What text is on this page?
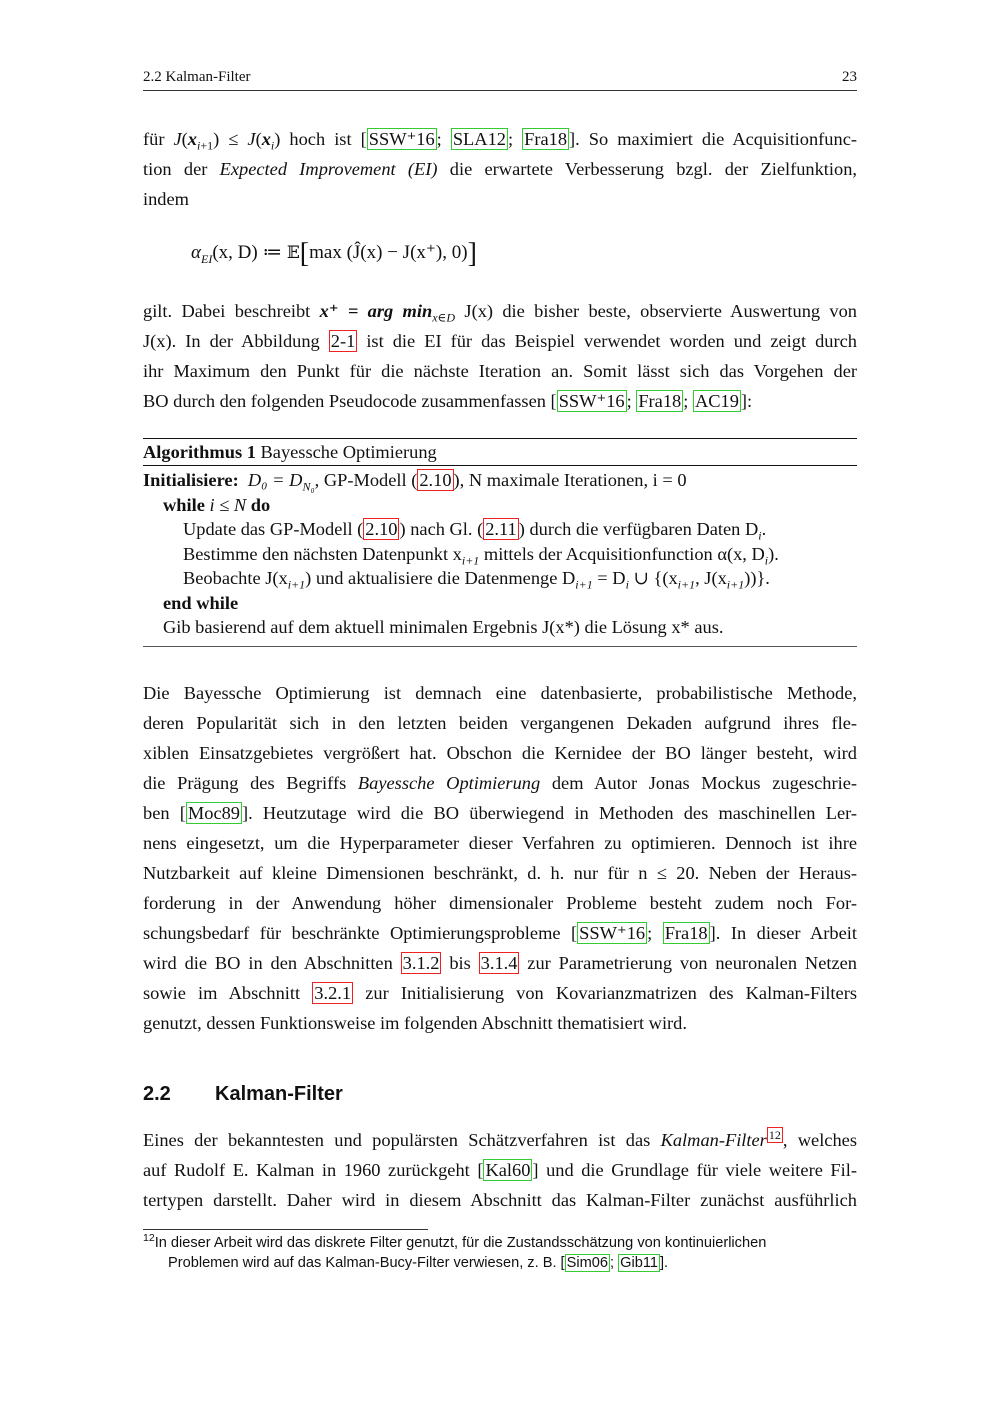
2.2 Kalman-Filter	23
für $J(x_{i+1}) \le J(x_i)$ hoch ist [ SSW⁺16 ; SLA12 ; Fra18 ]. So maximiert die Acquisitionfunc-
tion der Expected Improvement (EI) die erwartete Verbesserung bzgl. der Zielfunktion,
indem
$\alpha_{EI}(x$, D) ≔ 𝔼[max (Ĵ(x) − J(x⁺), 0)]
gilt. Dabei beschreibt x⁺ = arg $\min_{x\in D} J(x)$ die bisher beste, observierte Auswertung von
J(x). In der Abbildung 2-1 ist die EI für das Beispiel verwendet worden und zeigt durch
ihr Maximum den Punkt für die nächste Iteration an. Somit lässt sich das Vorgehen der
BO durch den folgenden Pseudocode zusammenfassen [ SSW⁺16 ; Fra18 ; AC19 ]:
Algorithmus 1 Bayessche Optimierung
Initialisiere: $D_0 = D_{N_0}$, GP-Modell ( 2.10 ), N maximale Iterationen, i = 0
while i ≤ N do
Update das GP-Modell ( 2.10 ) nach Gl. ( 2.11 ) durch die verfügbaren Daten $D_i$.
Bestimme den nächsten Datenpunkt $x_{i+1}$ mittels der Acquisitionfunction α(x, $D_i$).
Beobachte $J(x_{i+1})$ und aktualisiere die Datenmenge $D_{i+1} = D_i$ ∪ {($x_{i+1}$, $J(x_{i+1})$)}.
end while
Gib basierend auf dem aktuell minimalen Ergebnis J(x*) die Lösung x* aus.
Die Bayessche Optimierung ist demnach eine datenbasierte, probabilistische Methode,
deren Popularität sich in den letzten beiden vergangenen Dekaden aufgrund ihres fle-
xiblen Einsatzgebietes vergrößert hat. Obschon die Kernidee der BO länger besteht, wird
die Prägung des Begriffs Bayessche Optimierung dem Autor Jonas Mockus zugeschrie-
ben [ Moc89 ]. Heutzutage wird die BO überwiegend in Methoden des maschinellen Ler-
nens eingesetzt, um die Hyperparameter dieser Verfahren zu optimieren. Dennoch ist ihre
Nutzbarkeit auf kleine Dimensionen beschränkt, d. h. nur für n ≤ 20. Neben der Heraus-
forderung in der Anwendung höher dimensionaler Probleme besteht zudem noch For-
schungsbedarf für beschränkte Optimierungsprobleme [ SSW⁺16 ; Fra18 ]. In dieser Arbeit
wird die BO in den Abschnitten 3.1.2 bis 3.1.4 zur Parametrierung von neuronalen Netzen
sowie im Abschnitt 3.2.1 zur Initialisierung von Kovarianzmatrizen des Kalman-Filters
genutzt, dessen Funktionsweise im folgenden Abschnitt thematisiert wird.
2.2 Kalman-Filter
Eines der bekanntesten und populärsten Schätzverfahren ist das Kalman-Filter $^{12}$ , welches
auf Rudolf E. Kalman in 1960 zurückgeht [ Kal60 ] und die Grundlage für viele weitere Fil-
tertypen darstellt. Daher wird in diesem Abschnitt das Kalman-Filter zunächst ausführlich
$^{12}$In dieser Arbeit wird das diskrete Filter genutzt, für die Zustandsschätzung von kontinuierlichen
Problemen wird auf das Kalman-Bucy-Filter verwiesen, z. B. [ Sim06 ; Gib11 ].
